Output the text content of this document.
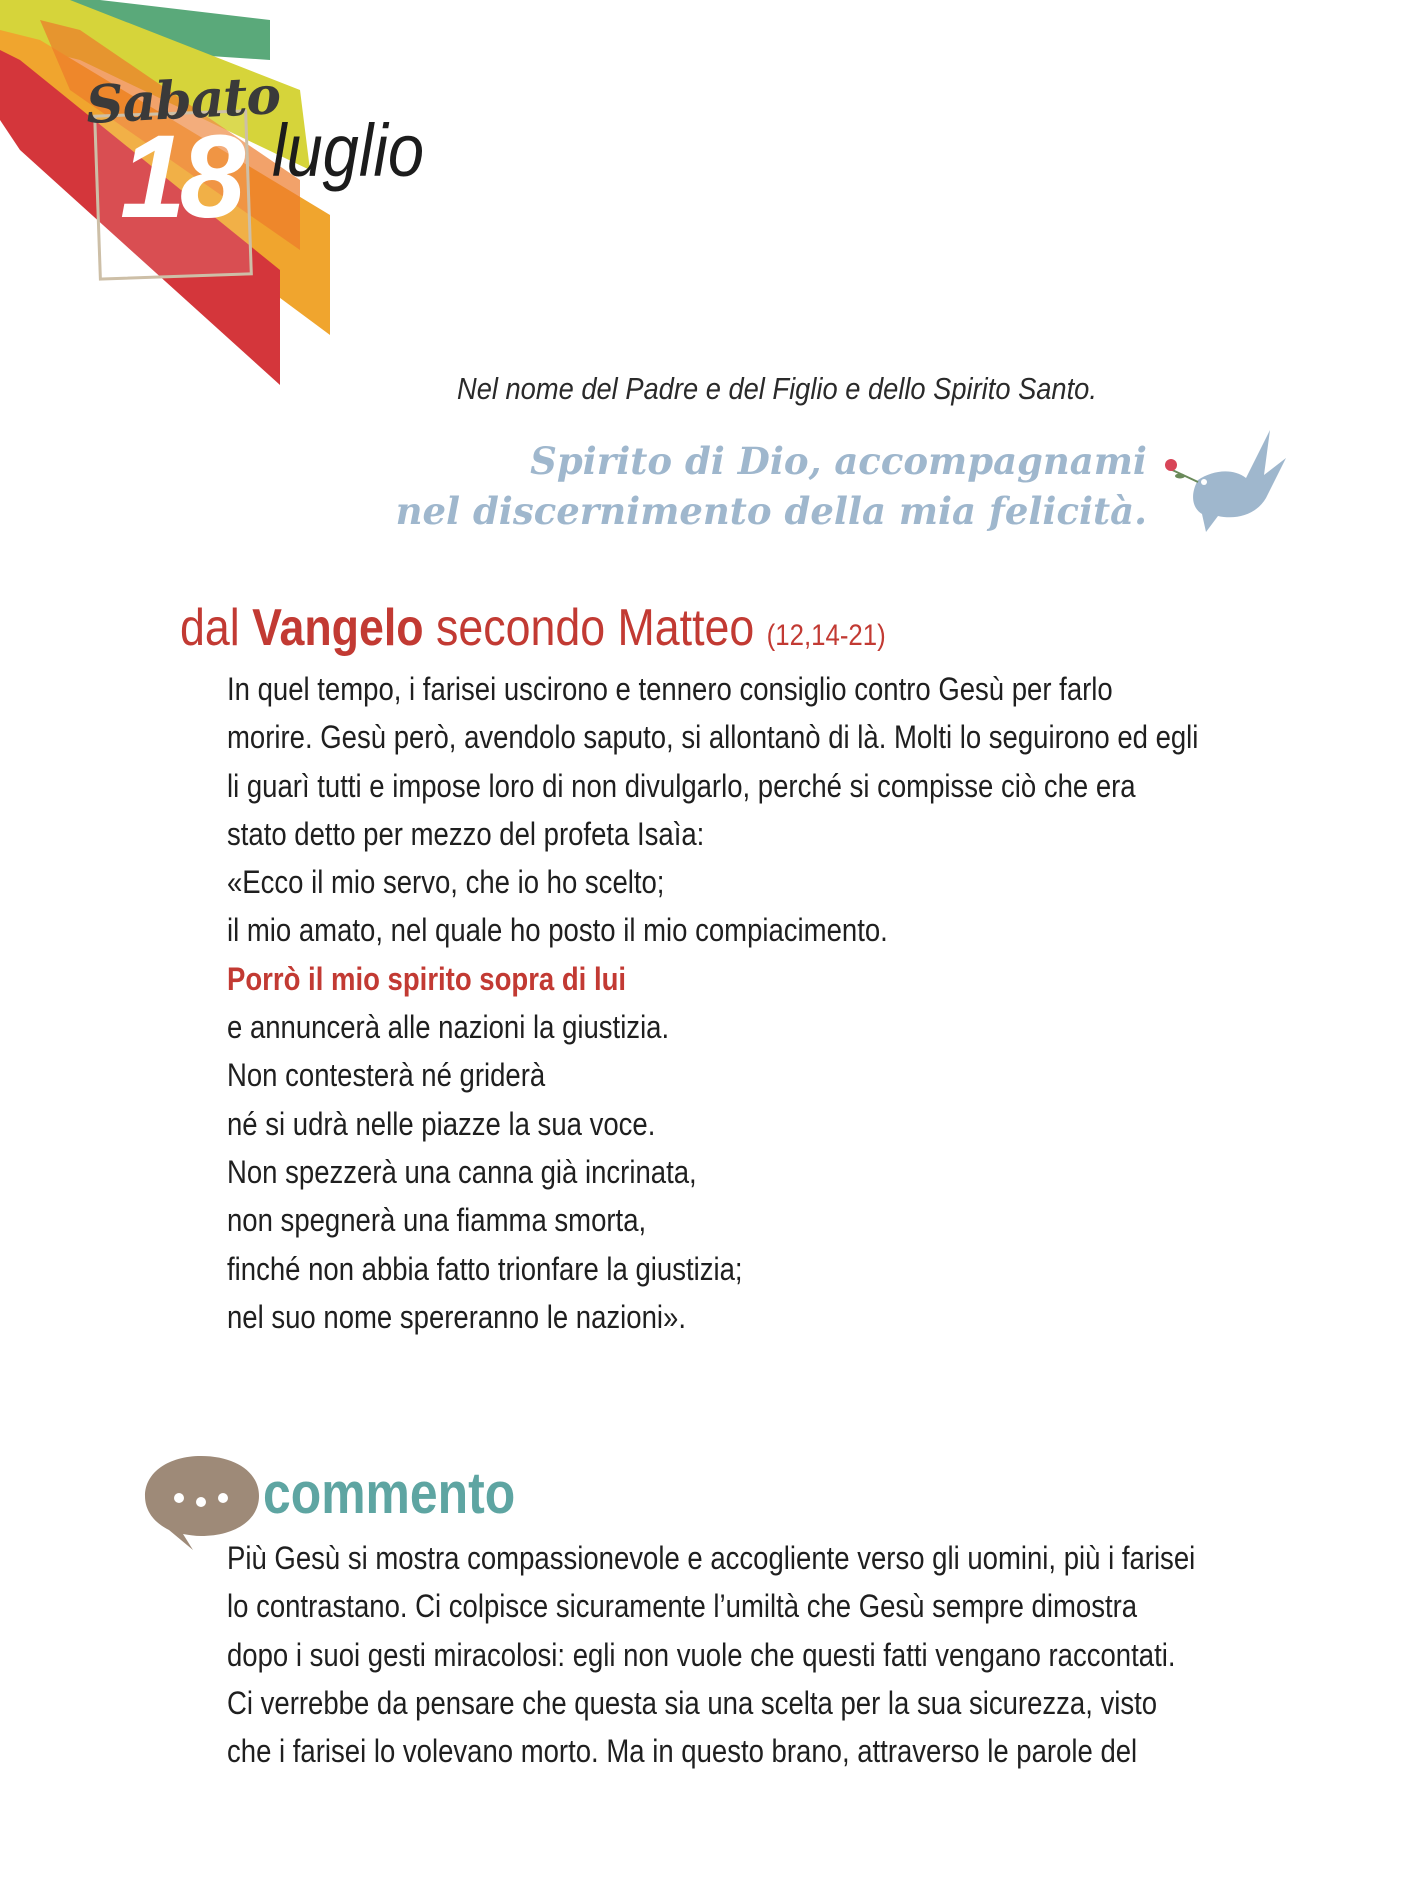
Sabato
18 luglio
Nel nome del Padre e del Figlio e dello Spirito Santo.
Spirito di Dio, accompagnami
nel discernimento della mia felicità.
dal Vangelo secondo Matteo (12,14-21)
In quel tempo, i farisei uscirono e tennero consiglio contro Gesù per farlo
morire. Gesù però, avendolo saputo, si allontanò di là. Molti lo seguirono ed egli
li guarì tutti e impose loro di non divulgarlo, perché si compisse ciò che era
stato detto per mezzo del profeta Isaìa:
«Ecco il mio servo, che io ho scelto;
il mio amato, nel quale ho posto il mio compiacimento.
Porrò il mio spirito sopra di lui
e annuncerà alle nazioni la giustizia.
Non contesterà né griderà
né si udrà nelle piazze la sua voce.
Non spezzerà una canna già incrinata,
non spegnerà una fiamma smorta,
finché non abbia fatto trionfare la giustizia;
nel suo nome spereranno le nazioni».
commento
Più Gesù si mostra compassionevole e accogliente verso gli uomini, più i farisei
lo contrastano. Ci colpisce sicuramente l’umiltà che Gesù sempre dimostra
dopo i suoi gesti miracolosi: egli non vuole che questi fatti vengano raccontati.
Ci verrebbe da pensare che questa sia una scelta per la sua sicurezza, visto
che i farisei lo volevano morto. Ma in questo brano, attraverso le parole del
